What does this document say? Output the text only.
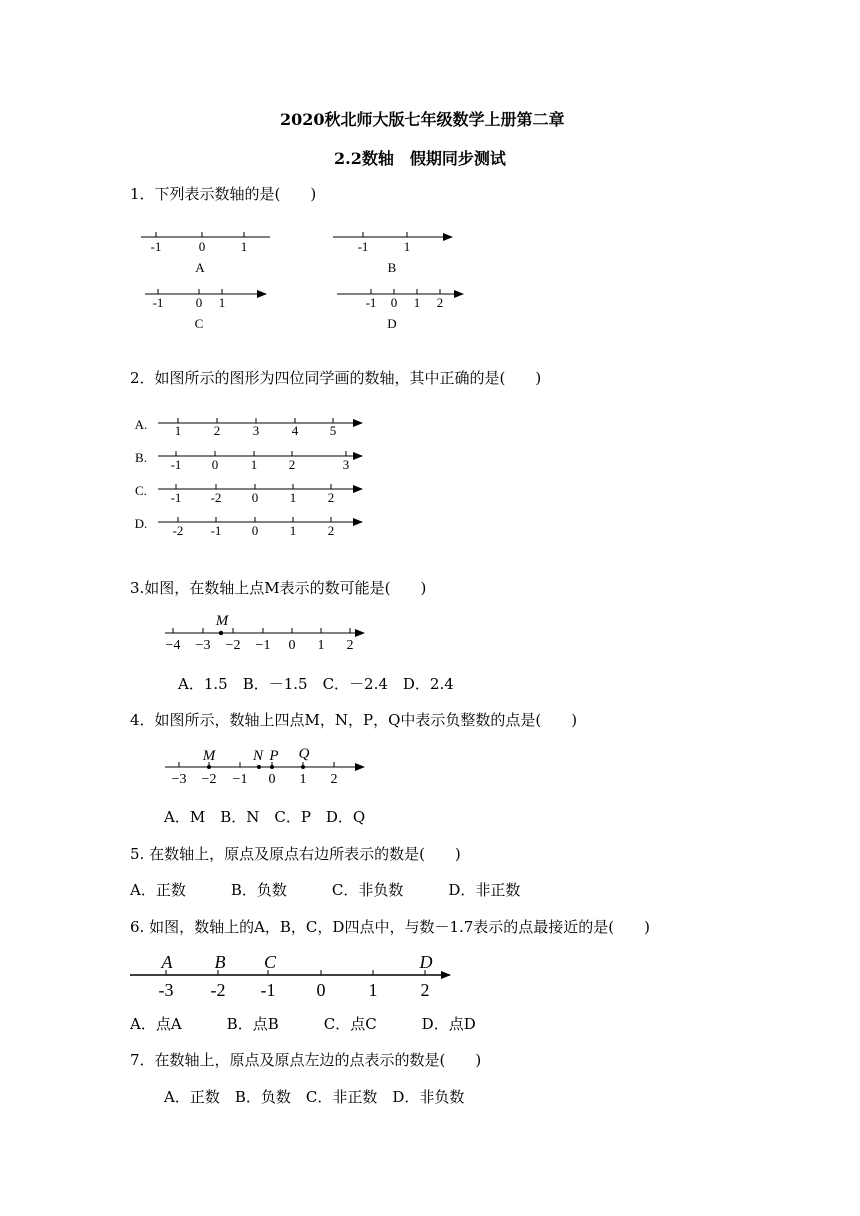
2020秋北师大版七年级数学上册第二章
2.2数轴　假期同步测试
1．下列表示数轴的是(　　)
-1	0	1
A
-1	1
B
-1 0 1
C
-1 0 1 2
D
A. 1	2	3	4 5
B. -1 0	1 2	3
C. -1 -2 0 1 2
D. -2 -1 0 1 2
M
−4 −3 −2 −1 0 1 2
M	N P Q
−3 −2 −1 0 1 2
A B C	D
-3 -2 -1 0 1 2
2．如图所示的图形为四位同学画的数轴，其中正确的是(　　)
3.如图，在数轴上点M表示的数可能是(　　)
A．1.5　B．－1.5　C．－2.4　D．2.4
4．如图所示，数轴上四点M，N，P，Q中表示负整数的点是(　　)
A．M　B．N　C．P　D．Q
5. 在数轴上，原点及原点右边所表示的数是(　　)
A．正数　　　B．负数　　　C．非负数　　　D．非正数
6. 如图，数轴上的A，B，C，D四点中，与数－1.7表示的点最接近的是(　　)
A．点A　　　B．点B　　　C．点C　　　D．点D
7．在数轴上，原点及原点左边的点表示的数是(　　)
A．正数　B．负数　C．非正数　D．非负数
